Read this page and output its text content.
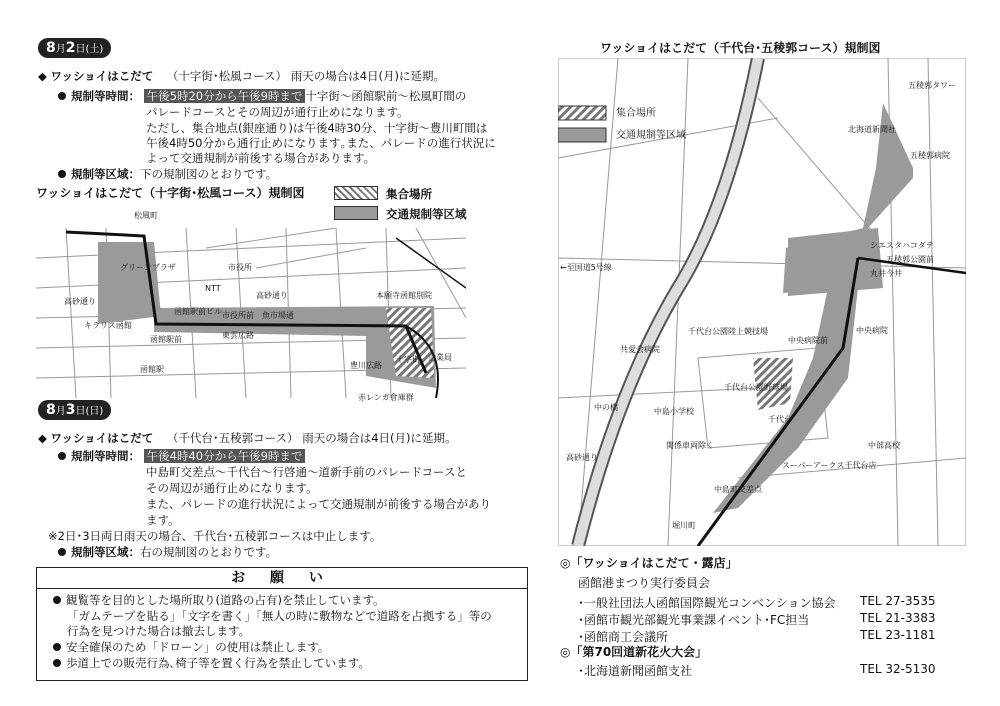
8月2日(土)
◆ ワッショイはこだて （十字街･松風コース） 雨天の場合は4日(月)に延期。
規制等時間： 午後5時20分から午後9時まで 十字街～函館駅前～松風町間の
パレードコースとその周辺が通行止めになります。
ただし、集合地点(銀座通り)は午後4時30分、十字街～豊川町間は
午後4時50分から通行止めになります｡また、パレードの進行状況に
よって交通規制が前後する場合があります。
規制等区域：下の規制図のとおりです。
ワッショイはこだて（十字街･松風コース）規制図	集合場所
交通規制等区域
松風町
グリーンプラザ	市役所
NTT
高砂通り
本願寺函館別院
高砂通り
キラリス函館
函館駅前
函館駅
市役所前 魚市場通
十字街 企業局
赤レンガ倉庫群
函館駅前ビル
東雲広路
豊川広路
8月3日(日)
◆ ワッショイはこだて （千代台･五稜郭コース） 雨天の場合は4日(月)に延期。
規制等時間： 午後4時40分から午後9時まで
中島町交差点～千代台～行啓通～道新手前のパレードコースと
その周辺が通行止めになります。
また、パレードの進行状況によって交通規制が前後する場合があり
ます。
※2日･3日両日雨天の場合、千代台･五稜郭コースは中止します。
規制等区域：右の規制図のとおりです。
お 願 い
観覧等を目的とした場所取り(道路の占有)を禁止しています。
「ガムテープを貼る」「文字を書く」「無人の時に敷物などで道路を占拠する」等の
行為を見つけた場合は撤去します。
安全確保のため「ドローン」の使用は禁止します。
歩道上での販売行為､椅子等を置く行為を禁止しています。
ワッショイはこだて（千代台･五稜郭コース）規制図
集合場所
交通規制等区域
五稜郭タワー
北海道新聞社
五稜郭病院
シエスタハコダテ
五稜郭公園前
丸井今井
←至国道5号線
千代台公園陸上競技場
共愛会病院
中央病院前
中央病院
千代台公園野球場
中の橋	中島小学校
千代台
関係車両除く	中部高校
スーパーアークス千代台店
中島町交差点
堀川町
高砂通り
◎「ワッショイはこだて・露店」
函館港まつり実行委員会
･一般社団法人函館国際観光コンベンション協会 TEL 27-3535
･函館市観光部観光事業課イベント･FC担当	TEL 21-3383
･函館商工会議所	TEL 23-1181
◎「第70回道新花火大会」
･北海道新聞函館支社	TEL 32-5130
